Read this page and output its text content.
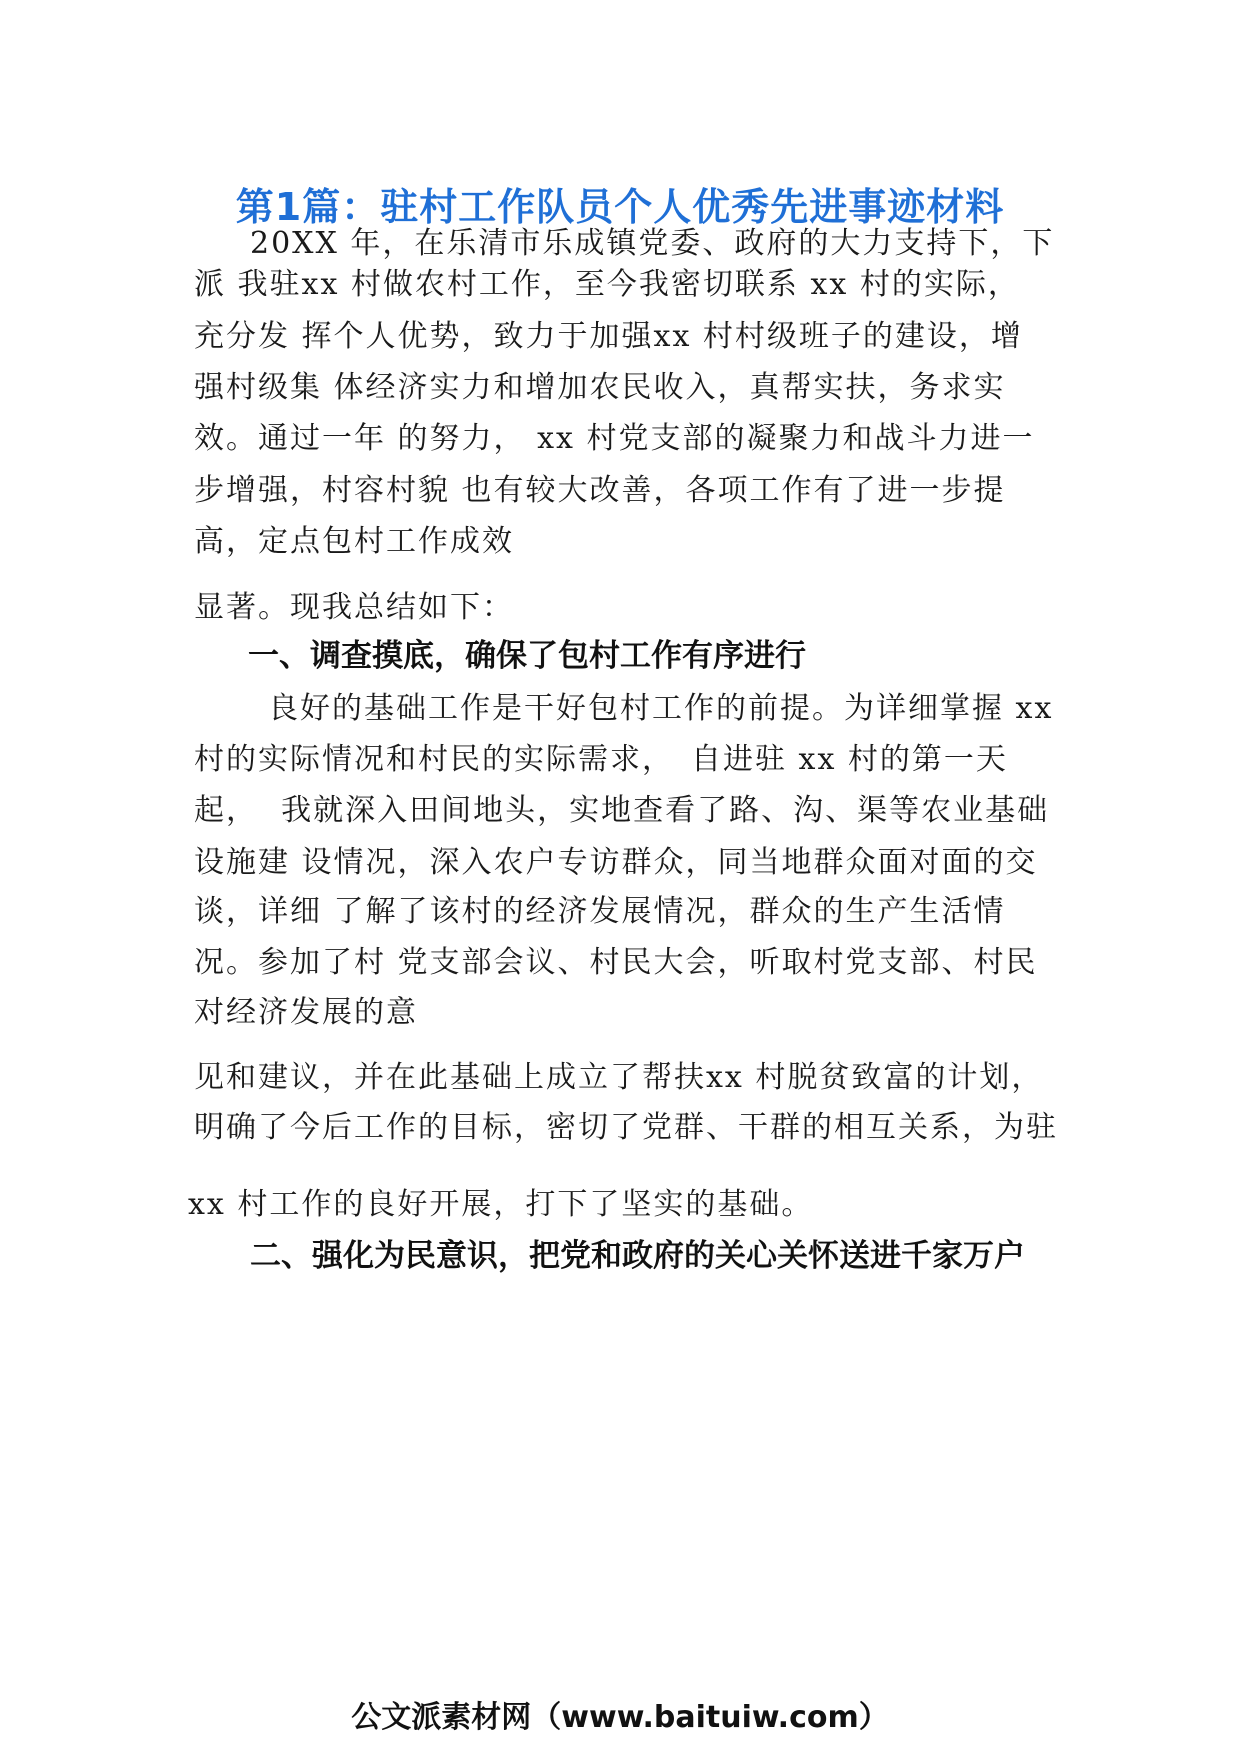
第1篇：驻村工作队员个人优秀先进事迹材料
　20XX 年，在乐清市乐成镇党委、政府的大力支持下，下
派 我驻xx 村做农村工作，至今我密切联系 xx 村的实际，
充分发 挥个人优势，致力于加强xx 村村级班子的建设，增
强村级集 体经济实力和增加农民收入，真帮实扶，务求实
效。通过一年 的努力， xx 村党支部的凝聚力和战斗力进一
步增强，村容村貌 也有较大改善，各项工作有了进一步提
高，定点包村工作成效
显著。现我总结如下：
一、调查摸底，确保了包村工作有序进行
　良好的基础工作是干好包村工作的前提。为详细掌握 xx
村的实际情况和村民的实际需求，　自进驻 xx 村的第一天
起，  我就深入田间地头，实地查看了路、沟、渠等农业基础
设施建 设情况，深入农户专访群众，同当地群众面对面的交
谈，详细 了解了该村的经济发展情况，群众的生产生活情
况。参加了村 党支部会议、村民大会，听取村党支部、村民
对经济发展的意
见和建议，并在此基础上成立了帮扶xx 村脱贫致富的计划，
明确了今后工作的目标，密切了党群、干群的相互关系，为驻
xx 村工作的良好开展，打下了坚实的基础。
二、强化为民意识，把党和政府的关心关怀送进千家万户
公文派素材网（www.baituiw.com）
